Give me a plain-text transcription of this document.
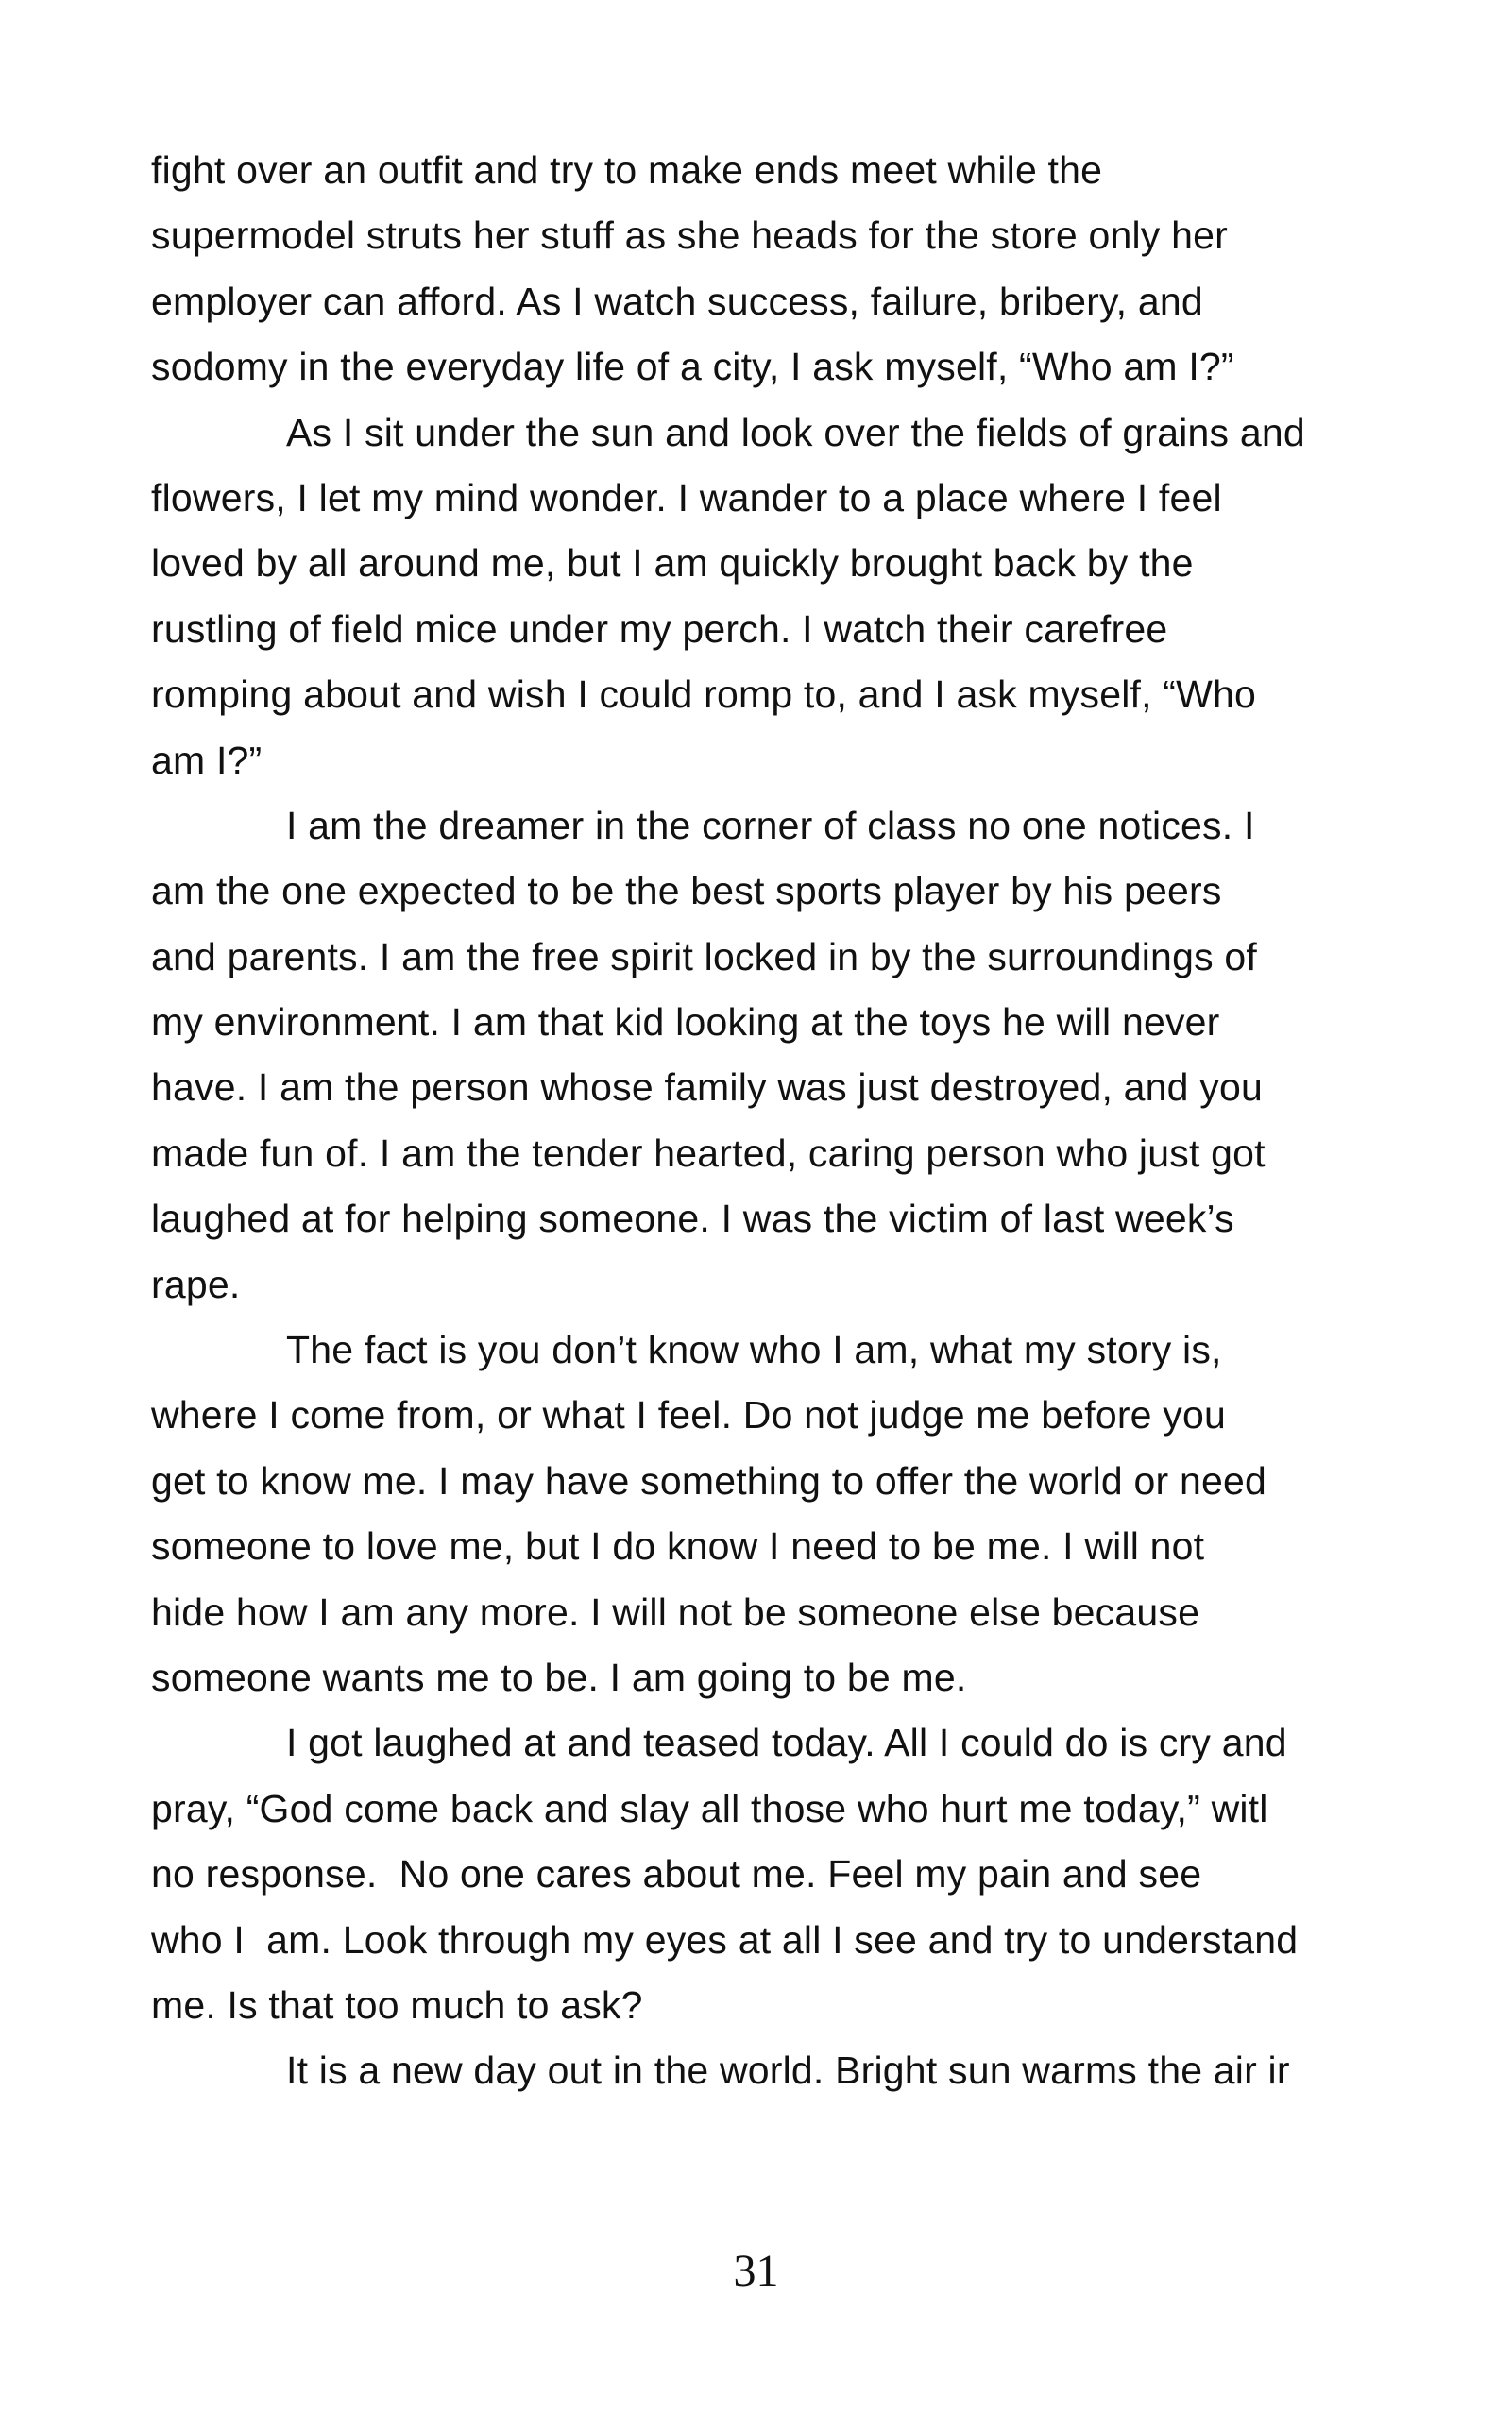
fight over an outfit and try to make ends meet while the
supermodel struts her stuff as she heads for the store only her
employer can afford. As I watch success, failure, bribery, and
sodomy in the everyday life of a city, I ask myself, “Who am I?”
As I sit under the sun and look over the fields of grains and
flowers, I let my mind wonder. I wander to a place where I feel
loved by all around me, but I am quickly brought back by the
rustling of field mice under my perch. I watch their carefree
romping about and wish I could romp to, and I ask myself, “Who
am I?”
I am the dreamer in the corner of class no one notices. I
am the one expected to be the best sports player by his peers
and parents. I am the free spirit locked in by the surroundings of
my environment. I am that kid looking at the toys he will never
have. I am the person whose family was just destroyed, and you
made fun of. I am the tender hearted, caring person who just got
laughed at for helping someone. I was the victim of last week’s
rape.
The fact is you don’t know who I am, what my story is,
where I come from, or what I feel. Do not judge me before you
get to know me. I may have something to offer the world or need
someone to love me, but I do know I need to be me. I will not
hide how I am any more. I will not be someone else because
someone wants me to be. I am going to be me.
I got laughed at and teased today. All I could do is cry and
pray, “God come back and slay all those who hurt me today,” witl
no response.  No one cares about me. Feel my pain and see
who I  am. Look through my eyes at all I see and try to understand
me. Is that too much to ask?
It is a new day out in the world. Bright sun warms the air ir
31
